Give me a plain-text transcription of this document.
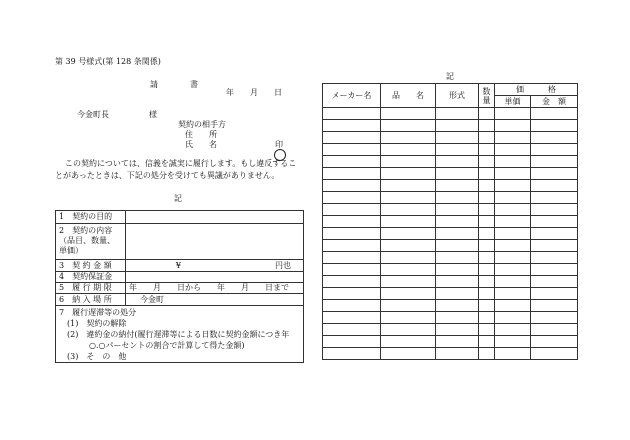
第 39 号様式(第 128 条関係)
請　　　書
年　　月　　日
今金町長　　　　　様
契約の相手方
住　　所
氏　　名	印
この契約については、信義を誠実に履行します。もし違反することがあったときは、下記の処分を受けても異議がありません。
記
記
1　契約の目的	
2　契約の内容（品目、数量、単価）	
3　契 約 金 額	¥ 円也
4　契約保証金	
5　履 行 期 限	年　　月　　日から　　年　　月　　日まで
6　納 入 場 所	今金町

7　履行遅滞等の処分
(1)　契約の解除
(2)　違約金の納付(履行遅滞等による日数に契約金額につき年
○.○パーセントの割合で計算して得た金額)
(3)　そ　の　他	
メーカー名	品　　名	形式	数量	価　　　格	
				単価	金　額
